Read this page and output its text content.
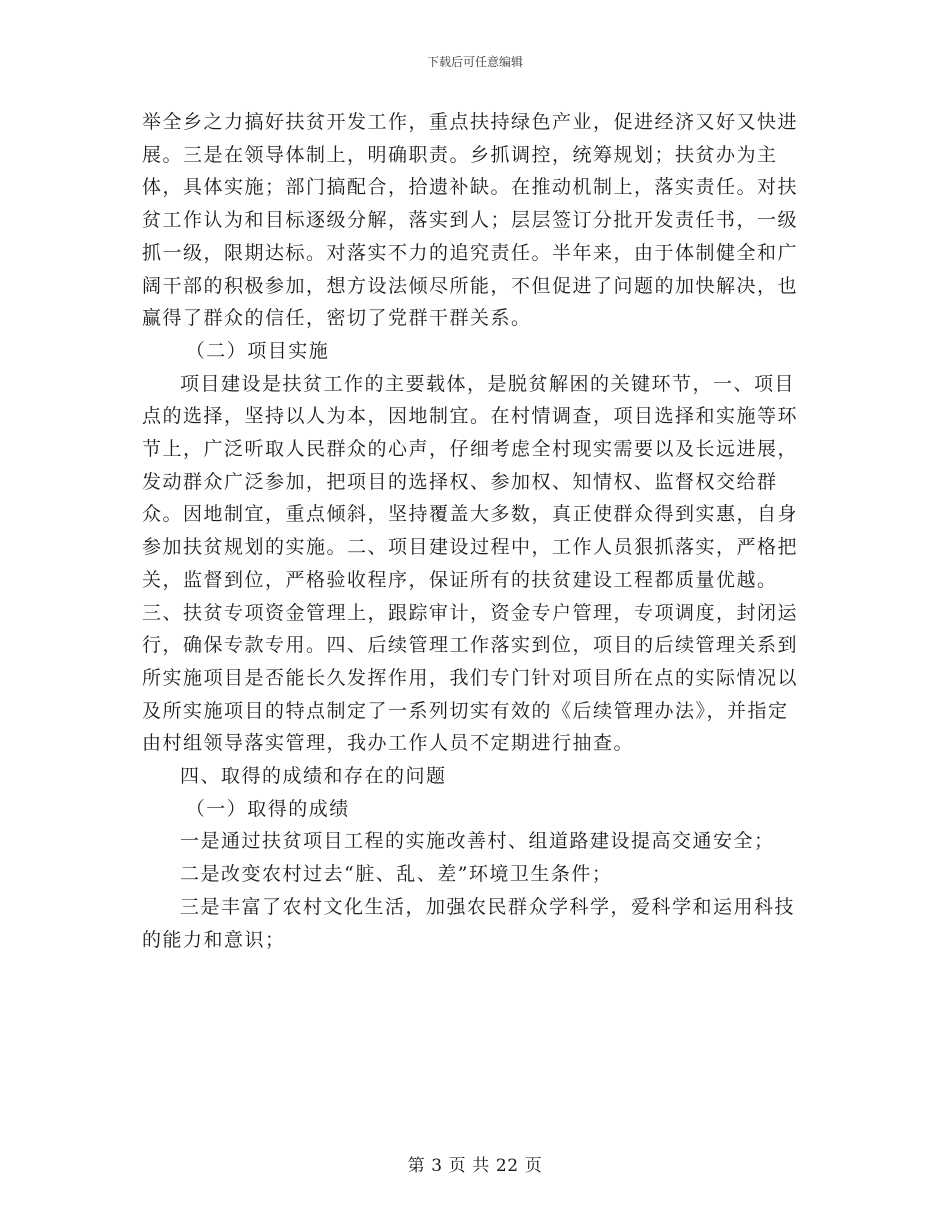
下载后可任意编辑

举全乡之力搞好扶贫开发工作，重点扶持绿色产业，促进经济又好又快进展。三是在领导体制上，明确职责。乡抓调控，统筹规划；扶贫办为主体，具体实施；部门搞配合，拾遗补缺。在推动机制上，落实责任。对扶贫工作认为和目标逐级分解，落实到人；层层签订分批开发责任书，一级抓一级，限期达标。对落实不力的追究责任。半年来，由于体制健全和广阔干部的积极参加，想方设法倾尽所能，不但促进了问题的加快解决，也赢得了群众的信任，密切了党群干群关系。

（二）项目实施

项目建设是扶贫工作的主要载体，是脱贫解困的关键环节，一、项目点的选择，坚持以人为本，因地制宜。在村情调查，项目选择和实施等环节上，广泛听取人民群众的心声，仔细考虑全村现实需要以及长远进展，发动群众广泛参加，把项目的选择权、参加权、知情权、监督权交给群众。因地制宜，重点倾斜，坚持覆盖大多数，真正使群众得到实惠，自身参加扶贫规划的实施。二、项目建设过程中，工作人员狠抓落实，严格把关，监督到位，严格验收程序，保证所有的扶贫建设工程都质量优越。三、扶贫专项资金管理上，跟踪审计，资金专户管理，专项调度，封闭运行，确保专款专用。四、后续管理工作落实到位，项目的后续管理关系到所实施项目是否能长久发挥作用，我们专门针对项目所在点的实际情况以及所实施项目的特点制定了一系列切实有效的《后续管理办法》，并指定由村组领导落实管理，我办工作人员不定期进行抽查。

四、取得的成绩和存在的问题

（一）取得的成绩

一是通过扶贫项目工程的实施改善村、组道路建设提高交通安全；

二是改变农村过去“脏、乱、差”环境卫生条件；

三是丰富了农村文化生活，加强农民群众学科学，爱科学和运用科技的能力和意识；

第 3 页 共 22 页
